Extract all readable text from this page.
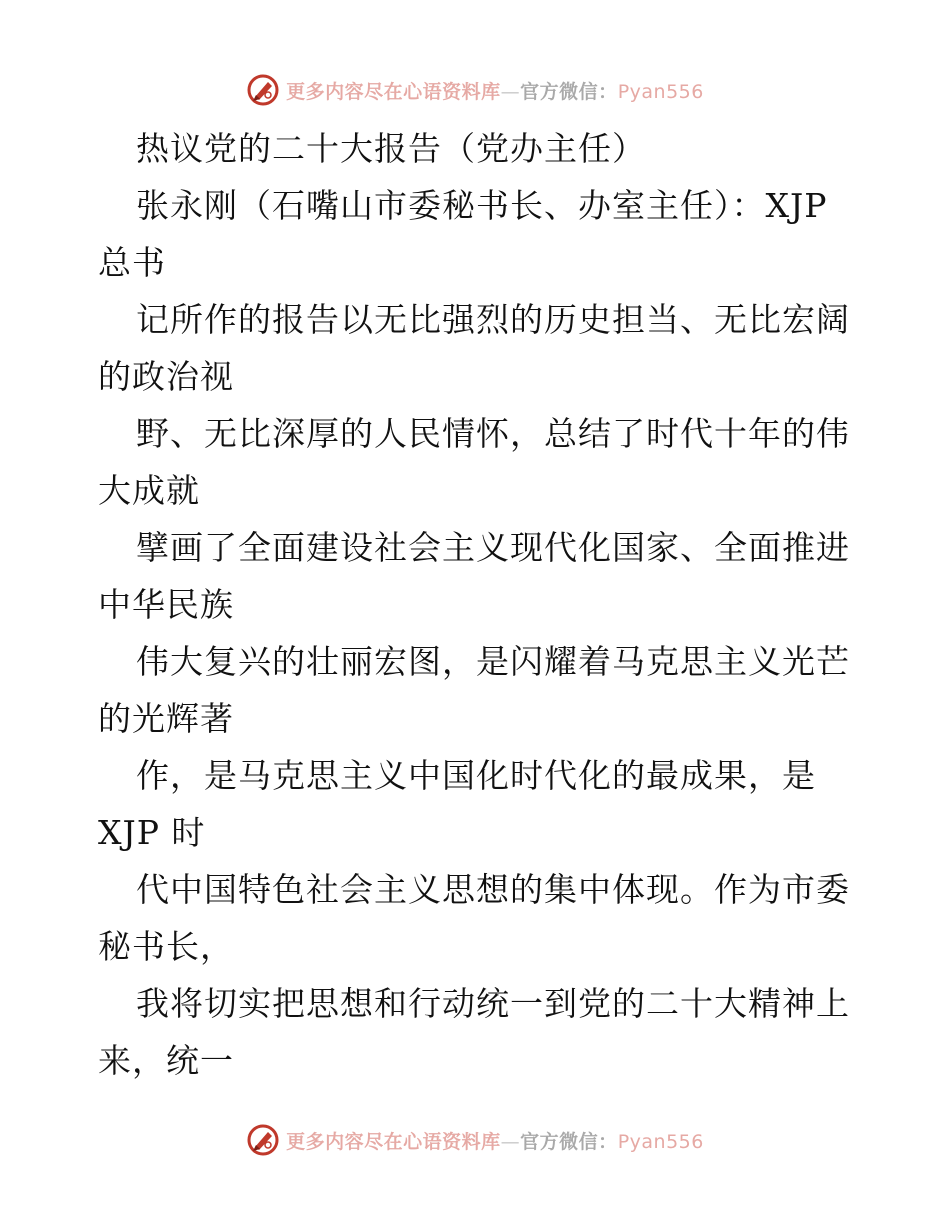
更多内容尽在心语资料库—官方微信：Pyan556
热议党的二十大报告（党办主任）
张永刚（石嘴山市委秘书长、办室主任）：XJP
总书
记所作的报告以无比强烈的历史担当、无比宏阔
的政治视
野、无比深厚的人民情怀，总结了时代十年的伟
大成就
擘画了全面建设社会主义现代化国家、全面推进
中华民族
伟大复兴的壮丽宏图，是闪耀着马克思主义光芒
的光辉著
作，是马克思主义中国化时代化的最成果，是
XJP 时
代中国特色社会主义思想的集中体现。作为市委
秘书长，
我将切实把思想和行动统一到党的二十大精神上
来，统一
更多内容尽在心语资料库—官方微信：Pyan556
